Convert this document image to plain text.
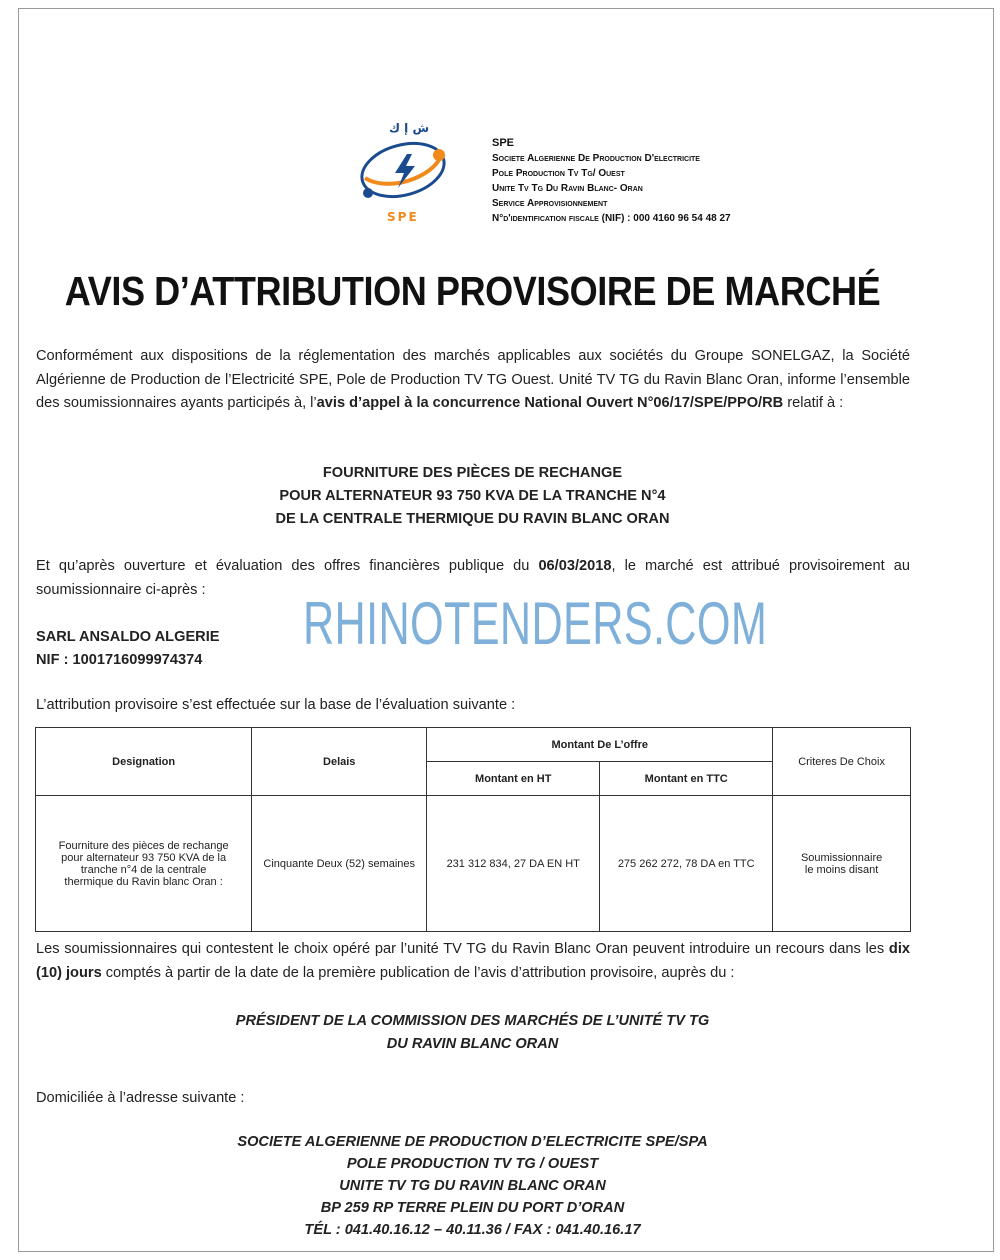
ش إ ك
SPE
SPE
Societe Algerienne De Production D'electricite
Pole Production Tv Tg/ Ouest
Unite Tv Tg Du Ravin Blanc- Oran
Service Approvisionnement
N°d'identification fiscale (NIF) : 000 4160 96 54 48 27
AVIS D’ATTRIBUTION PROVISOIRE DE MARCHÉ
Conformément aux dispositions de la réglementation des marchés applicables aux sociétés du Groupe SONELGAZ, la Société Algérienne de Production de l’Electricité SPE, Pole de Production TV TG Ouest. Unité TV TG du Ravin Blanc Oran, informe l’ensemble des soumissionnaires ayants participés à, l’avis d’appel à la concurrence National Ouvert N°06/17/SPE/PPO/RB relatif à :
FOURNITURE DES PIÈCES DE RECHANGE
POUR ALTERNATEUR 93 750 KVA DE LA TRANCHE N°4
DE LA CENTRALE THERMIQUE DU RAVIN BLANC ORAN
Et qu’après ouverture et évaluation des offres financières publique du 06/03/2018, le marché est attribué provisoirement au soumissionnaire ci-après :
SARL ANSALDO ALGERIE
NIF : 1001716099974374
RHINOTENDERS.COM
L’attribution provisoire s’est effectuée sur la base de l’évaluation suivante :
Designation	Delais	Montant De L’offre		Criteres De Choix
		Montant en HT	Montant en TTC	
Fourniture des pièces de rechange pour alternateur 93 750 KVA de la tranche n°4 de la centrale thermique du Ravin blanc Oran :	Cinquante Deux (52) semaines	231 312 834, 27 DA EN HT	275 262 272, 78 DA en TTC	Soumissionnaire le moins disant
Les soumissionnaires qui contestent le choix opéré par l’unité TV TG du Ravin Blanc Oran peuvent introduire un recours dans les dix (10) jours comptés à partir de la date de la première publication de l’avis d’attribution provisoire, auprès du :
PRÉSIDENT DE LA COMMISSION DES MARCHÉS DE L’UNITÉ TV TG
DU RAVIN BLANC ORAN
Domiciliée à l’adresse suivante :
SOCIETE ALGERIENNE DE PRODUCTION D’ELECTRICITE SPE/SPA
POLE PRODUCTION TV TG / OUEST
UNITE TV TG DU RAVIN BLANC ORAN
BP 259 RP TERRE PLEIN DU PORT D’ORAN
TÉL : 041.40.16.12 – 40.11.36 / FAX : 041.40.16.17
